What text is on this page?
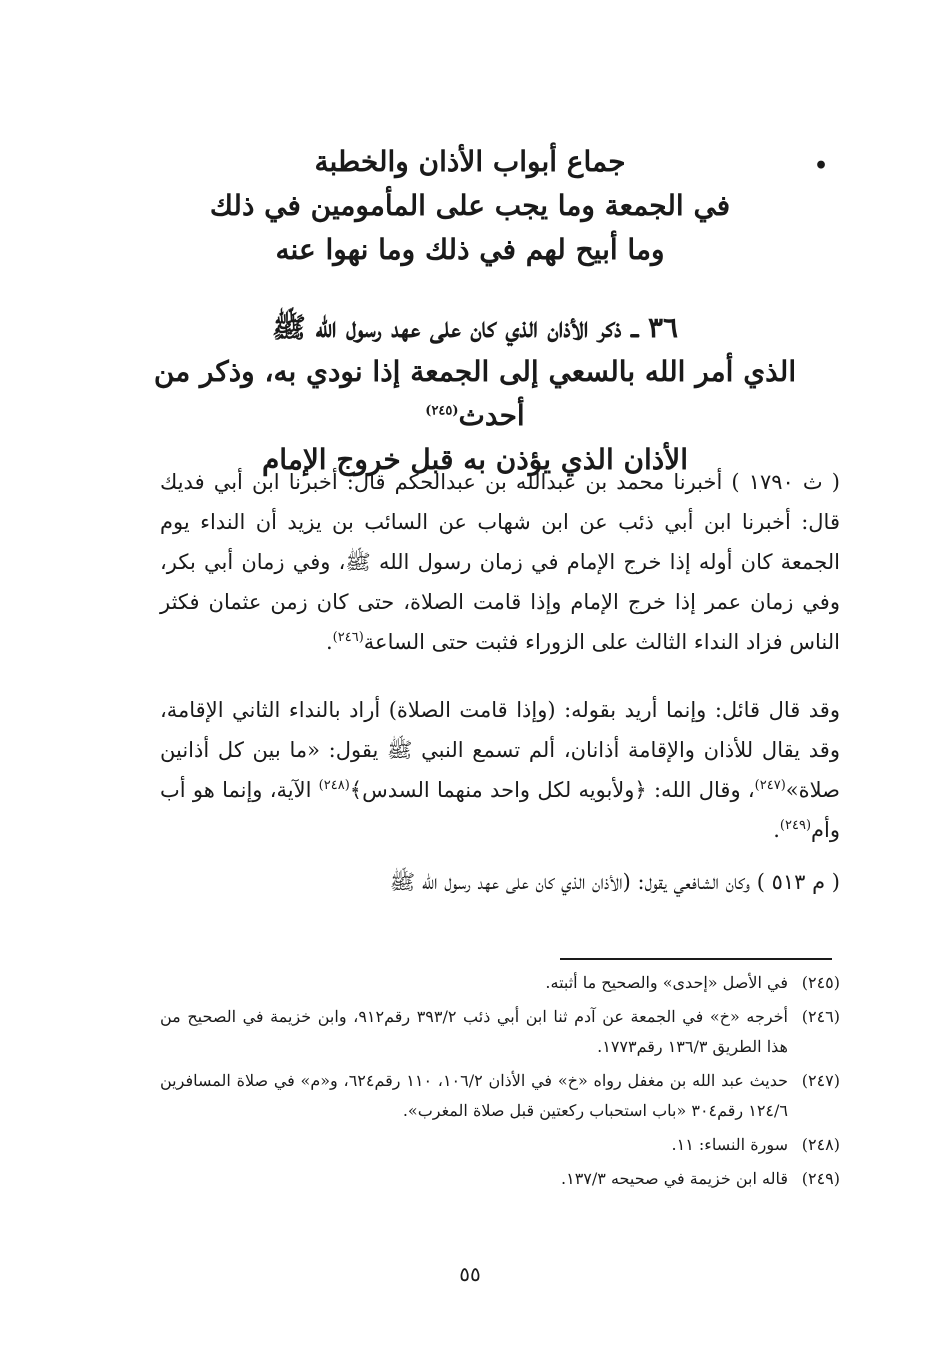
•
جماع أبواب الأذان والخطبة
في الجمعة وما يجب على المأمومين في ذلك
وما أبيح لهم في ذلك وما نهوا عنه
٣٦ ــ ذكر الأذان الذي كان على عهد رسول الله ﷺ
الذي أمر الله بالسعي إلى الجمعة إذا نودي به، وذكر من أحدث$^{(٢٤٥)}$
الأذان الذي يؤذن به قبل خروج الإمام
( ث ١٧٩٠ ) أخبرنا محمد بن عبدالله بن عبدالحكم قال: أخبرنا ابن أبي فديك قال: أخبرنا ابن أبي ذئب عن ابن شهاب عن السائب بن يزيد أن النداء يوم الجمعة كان أوله إذا خرج الإمام في زمان رسول الله ﷺ، وفي زمان أبي بكر، وفي زمان عمر إذا خرج الإمام وإذا قامت الصلاة، حتى كان زمن عثمان فكثر الناس فزاد النداء الثالث على الزوراء فثبت حتى الساعة$^{(٢٤٦)}$.
وقد قال قائل: وإنما أريد بقوله: (وإذا قامت الصلاة) أراد بالنداء الثاني الإقامة، وقد يقال للأذان والإقامة أذانان، ألم تسمع النبي ﷺ يقول: «ما بين كل أذانين صلاة»$^{(٢٤٧)}$، وقال الله: ﴿ولأبويه لكل واحد منهما السدس﴾$^{(٢٤٨)}$ الآية، وإنما هو أب وأم$^{(٢٤٩)}$.
( م ٥١٣ ) وكان الشافعي يقول: (الأذان الذي كان على عهد رسول الله ﷺ
(٢٤٥)
في الأصل «إحدى» والصحيح ما أثبته.
(٢٤٦)
أخرجه «خ» في الجمعة عن آدم ثنا ابن أبي ذئب ٣٩٣/٢ رقم٩١٢، وابن خزيمة في الصحيح من هذا الطريق ١٣٦/٣ رقم١٧٧٣.
(٢٤٧)
حديث عبد الله بن مغفل رواه «خ» في الأذان ١٠٦/٢، ١١٠ رقم٦٢٤، و«م» في صلاة المسافرين ١٢٤/٦ رقم٣٠٤ «باب استحباب ركعتين قبل صلاة المغرب».
(٢٤٨)
سورة النساء: ١١.
(٢٤٩)
قاله ابن خزيمة في صحيحه ١٣٧/٣.
٥٥
